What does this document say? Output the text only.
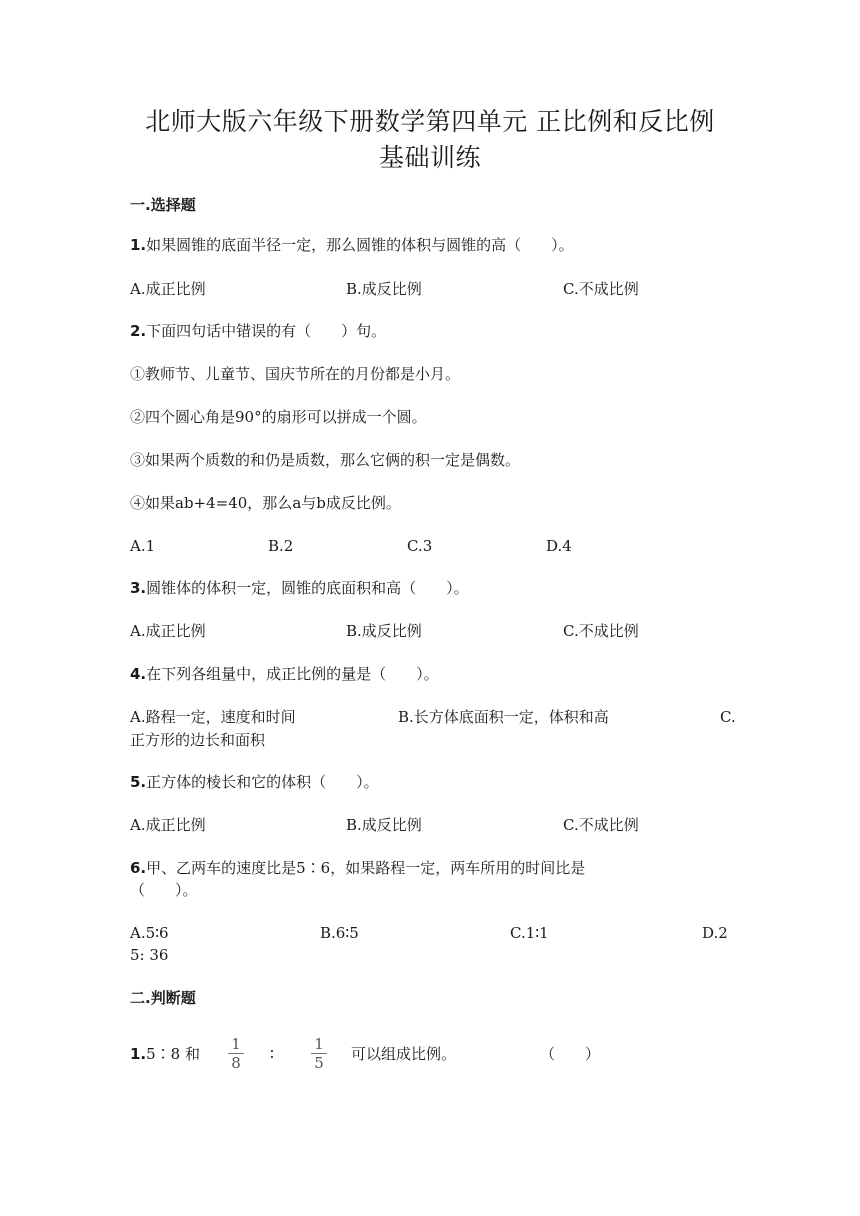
北师大版六年级下册数学第四单元 正比例和反比例
基础训练
一.选择题
1.如果圆锥的底面半径一定，那么圆锥的体积与圆锥的高（　　）。
A.成正比例	B.成反比例	C.不成比例
2.下面四句话中错误的有（　　）句。
①教师节、儿童节、国庆节所在的月份都是小月。
②四个圆心角是90°的扇形可以拼成一个圆。
③如果两个质数的和仍是质数，那么它俩的积一定是偶数。
④如果ab+4=40，那么a与b成反比例。
A.1	B.2	C.3	D.4
3.圆锥体的体积一定，圆锥的底面积和高（　　）。
A.成正比例	B.成反比例	C.不成比例
4.在下列各组量中，成正比例的量是（　　）。
A.路程一定，速度和时间	B.长方体底面积一定，体积和高	C.
正方形的边长和面积
5.正方体的棱长和它的体积（　　）。
A.成正比例	B.成反比例	C.不成比例
6.甲、乙两车的速度比是5∶6，如果路程一定，两车所用的时间比是
（　　）。
A.5∶6	B.6∶5	C.1∶1	D.2
5: 36
二.判断题
1.5∶8 和
1
8 ∶
1
5 可以组成比例。	（　　）
